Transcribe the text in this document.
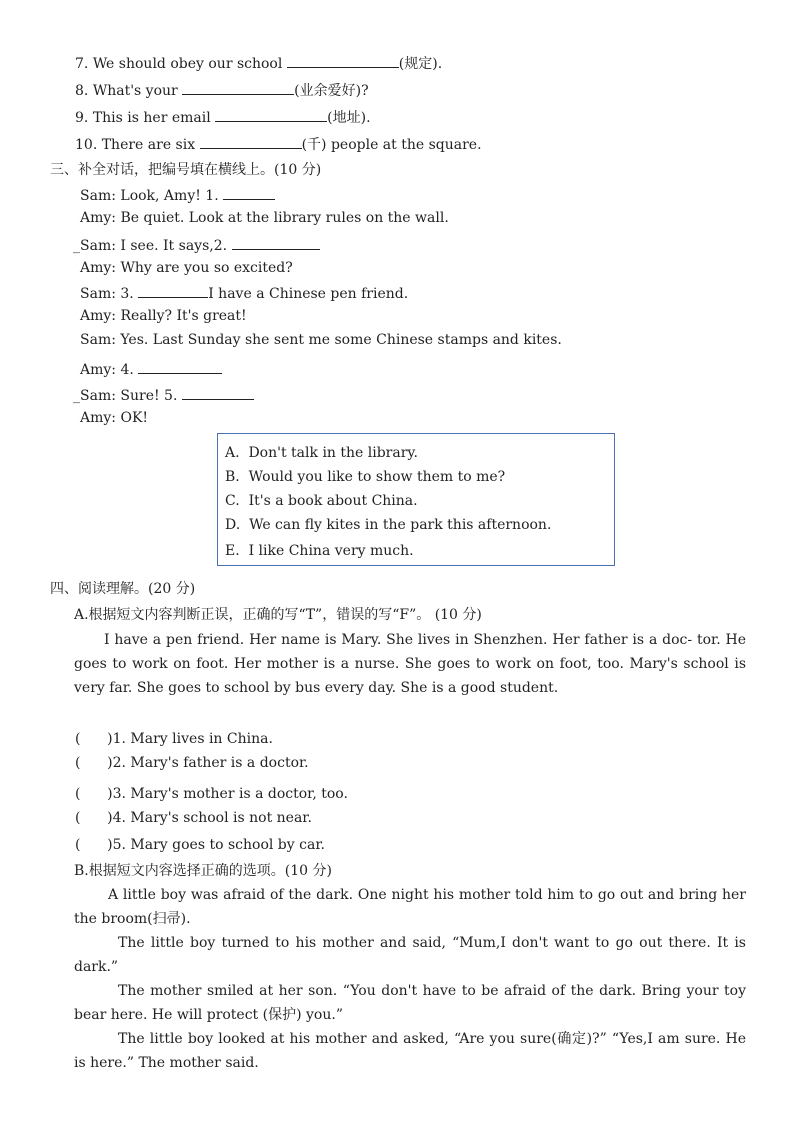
7. We should obey our school	(规定).
8. What's your	(业余爱好)?
9. This is her email	(地址).
10. There are six	(千) people at the square.
三、补全对话，把编号填在横线上。(10 分)
Sam: Look, Amy! 1.
Amy: Be quiet. Look at the library rules on the wall.
_Sam: I see. It says,2.
Amy: Why are you so excited?
Sam: 3.	I have a Chinese pen friend.
Amy: Really? It's great!
Sam: Yes. Last Sunday she sent me some Chinese stamps and kites.
Amy: 4.
_Sam: Sure! 5.
Amy: OK!
A.  Don't talk in the library.
B.  Would you like to show them to me?
C.  It's a book about China.
D.  We can fly kites in the park this afternoon.
E.  I like China very much.
四、阅读理解。(20 分)
A.根据短文内容判断正误，正确的写“T”，错误的写“F”。 (10 分)
I have a pen friend. Her name is Mary. She lives in Shenzhen. Her father is a doc- tor. He goes to work on foot. Her mother is a nurse. She goes to work on foot, too. Mary's school is very far. She goes to school by bus every day. She is a good student.
(      )1. Mary lives in China.
(      )2. Mary's father is a doctor.
(      )3. Mary's mother is a doctor, too.
(      )4. Mary's school is not near.
(      )5. Mary goes to school by car.
B.根据短文内容选择正确的选项。(10 分)
A little boy was afraid of the dark. One night his mother told him to go out and bring her the broom(扫帚).
The little boy turned to his mother and said, “Mum,I don't want to go out there. It is dark.”
The mother smiled at her son. “You don't have to be afraid of the dark. Bring your toy bear here. He will protect (保护) you.”
The little boy looked at his mother and asked, “Are you sure(确定)?” “Yes,I am sure. He is here.” The mother said.
